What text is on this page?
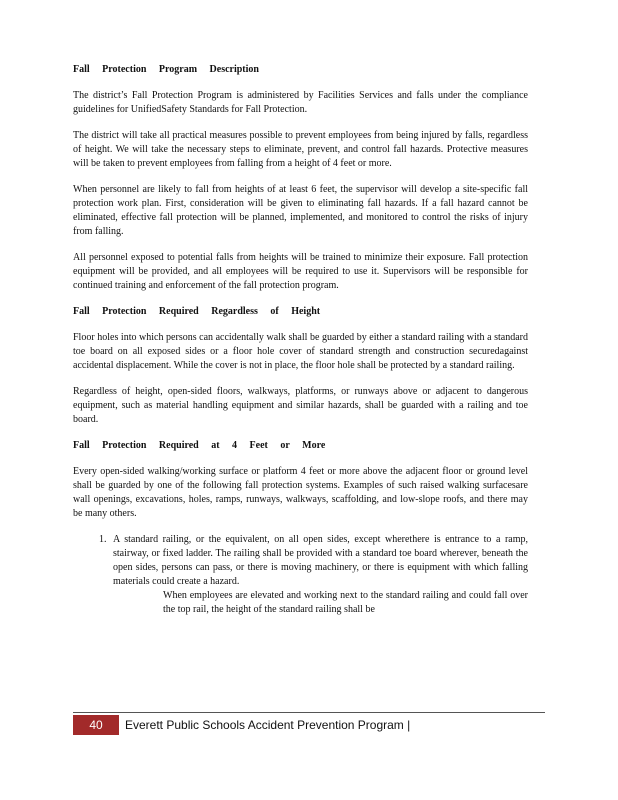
Fall Protection Program Description

The district’s Fall Protection Program is administered by Facilities Services and falls under the compliance guidelines for UnifiedSafety Standards for Fall Protection.

The district will take all practical measures possible to prevent employees from being injured by falls, regardless of height. We will take the necessary steps to eliminate, prevent, and control fall hazards. Protective measures will be taken to prevent employees from falling from a height of 4 feet or more.

When personnel are likely to fall from heights of at least 6 feet, the supervisor will develop a site-specific fall protection work plan. First, consideration will be given to eliminating fall hazards. If a fall hazard cannot be eliminated, effective fall protection will be planned, implemented, and monitored to control the risks of injury from falling.

All personnel exposed to potential falls from heights will be trained to minimize their exposure. Fall protection equipment will be provided, and all employees will be required to use it. Supervisors will be responsible for continued training and enforcement of the fall protection program.

Fall Protection Required Regardless of Height

Floor holes into which persons can accidentally walk shall be guarded by either a standard railing with a standard toe board on all exposed sides or a floor hole cover of standard strength and construction securedagainst accidental displacement. While the cover is not in place, the floor hole shall be protected by a standard railing.

Regardless of height, open-sided floors, walkways, platforms, or runways above or adjacent to dangerous equipment, such as material handling equipment and similar hazards, shall be guarded with a railing and toe board.

Fall Protection Required at 4 Feet or More

Every open-sided walking/working surface or platform 4 feet or more above the adjacent floor or ground level shall be guarded by one of the following fall protection systems. Examples of such raised walking surfacesare wall openings, excavations, holes, ramps, runways, walkways, scaffolding, and low-slope roofs, and there may be many others.

1. A standard railing, or the equivalent, on all open sides, except wherethere is entrance to a ramp, stairway, or fixed ladder. The railing shall be provided with a standard toe board wherever, beneath the open sides, persons can pass, or there is moving machinery, or there is equipment with which falling materials could create a hazard.
When employees are elevated and working next to the standard railing and could fall over the top rail, the height of the standard railing shall be
40	Everett Public Schools Accident Prevention Program |
